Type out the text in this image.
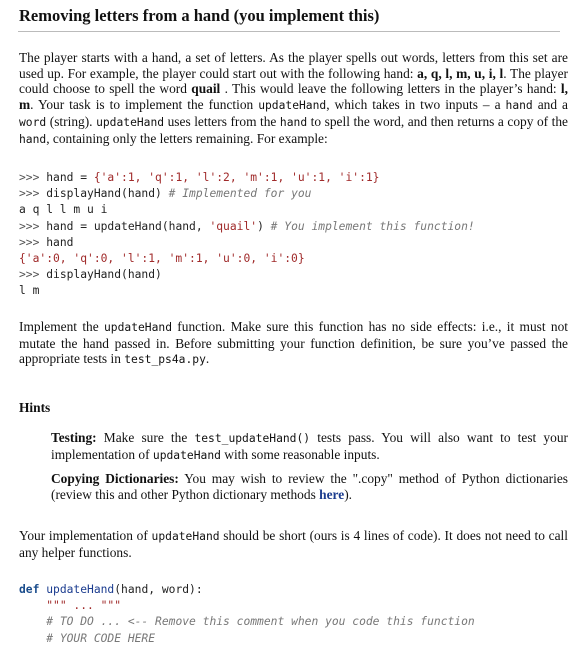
Removing letters from a hand (you implement this)
The player starts with a hand, a set of letters. As the player spells out words, letters from this set are used up. For example, the player could start out with the following hand: a, q, l, m, u, i, l. The player could choose to spell the word quail . This would leave the following letters in the player’s hand: l, m. Your task is to implement the function updateHand, which takes in two inputs – a hand and a word (string). updateHand uses letters from the hand to spell the word, and then returns a copy of the hand, containing only the letters remaining. For example:
>>> hand = {'a':1, 'q':1, 'l':2, 'm':1, 'u':1, 'i':1}
>>> displayHand(hand) # Implemented for you
a q l l m u i
>>> hand = updateHand(hand, 'quail') # You implement this function!
>>> hand
{'a':0, 'q':0, 'l':1, 'm':1, 'u':0, 'i':0}
>>> displayHand(hand)
l m
Implement the updateHand function. Make sure this function has no side effects: i.e., it must not mutate the hand passed in. Before submitting your function definition, be sure you’ve passed the appropriate tests in test_ps4a.py.
Hints
Testing: Make sure the test_updateHand() tests pass. You will also want to test your implementation of updateHand with some reasonable inputs.
Copying Dictionaries: You may wish to review the ".copy" method of Python dictionaries (review this and other Python dictionary methods here).
Your implementation of updateHand should be short (ours is 4 lines of code). It does not need to call any helper functions.
def updateHand(hand, word):
""" ... """
# TO DO ... <-- Remove this comment when you code this function
# YOUR CODE HERE
